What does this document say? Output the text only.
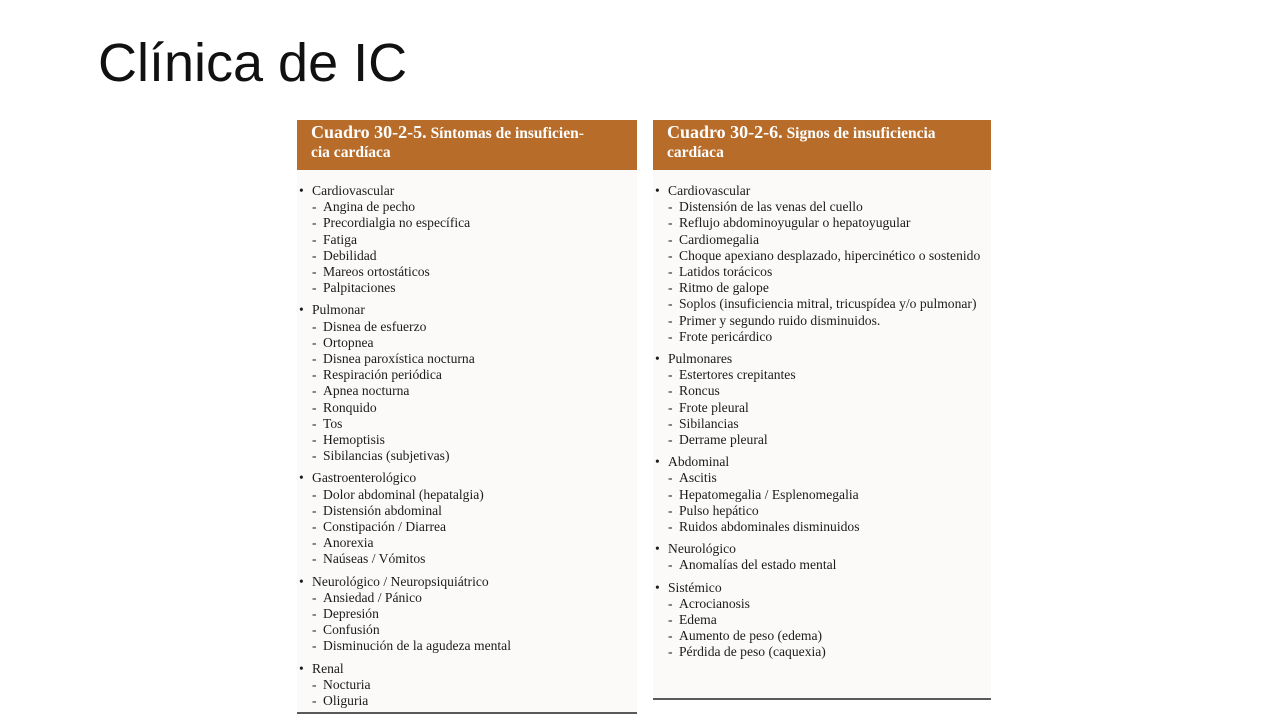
Clínica de IC
Cuadro 30-2-5. Síntomas de insuficien-
cia cardíaca
• Cardiovascular
- Angina de pecho
- Precordialgia no específica
- Fatiga
- Debilidad
- Mareos ortostáticos
- Palpitaciones
• Pulmonar
- Disnea de esfuerzo
- Ortopnea
- Disnea paroxística nocturna
- Respiración periódica
- Apnea nocturna
- Ronquido
- Tos
- Hemoptisis
- Sibilancias (subjetivas)
• Gastroenterológico
- Dolor abdominal (hepatalgia)
- Distensión abdominal
- Constipación / Diarrea
- Anorexia
- Naúseas / Vómitos
• Neurológico / Neuropsiquiátrico
- Ansiedad / Pánico
- Depresión
- Confusión
- Disminución de la agudeza mental
• Renal
- Nocturia
- Oliguria
Cuadro 30-2-6. Signos de insuficiencia
cardíaca
• Cardiovascular
- Distensión de las venas del cuello
- Reflujo abdominoyugular o hepatoyugular
- Cardiomegalia
- Choque apexiano desplazado, hipercinético o sostenido
- Latidos torácicos
- Ritmo de galope
- Soplos (insuficiencia mitral, tricuspídea y/o pulmonar)
- Primer y segundo ruido disminuidos.
- Frote pericárdico
• Pulmonares
- Estertores crepitantes
- Roncus
- Frote pleural
- Sibilancias
- Derrame pleural
• Abdominal
- Ascitis
- Hepatomegalia / Esplenomegalia
- Pulso hepático
- Ruidos abdominales disminuidos
• Neurológico
- Anomalías del estado mental
• Sistémico
- Acrocianosis
- Edema
- Aumento de peso (edema)
- Pérdida de peso (caquexia)
